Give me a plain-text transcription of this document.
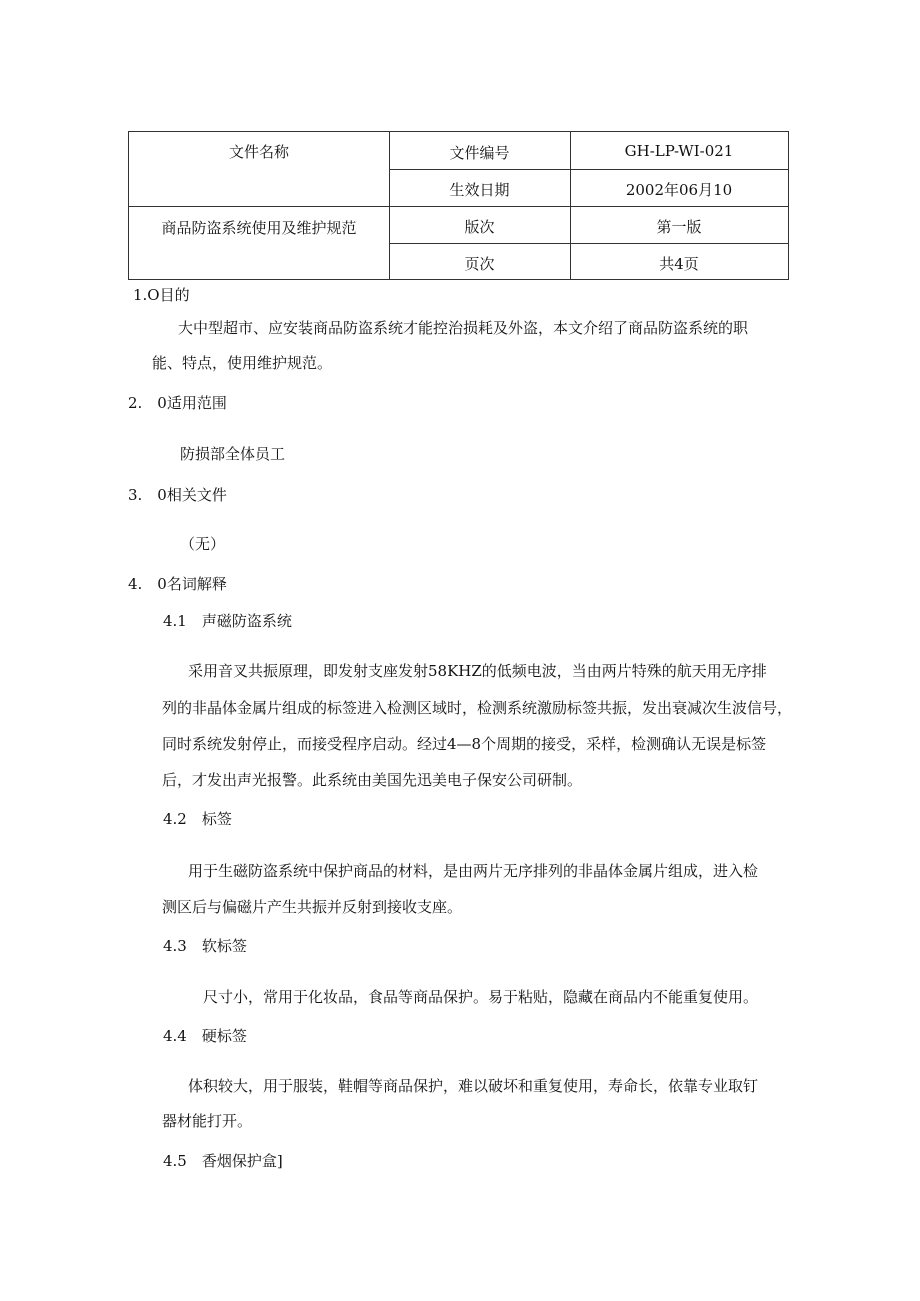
文件名称
商品防盗系统使用及维护规范
文件编号	GH-LP-WI-021
生效日期	2002年06月10
版次	第一版
页次	共4页
1.O目的
大中型超市、应安装商品防盗系统才能控治损耗及外盗，本文介绍了商品防盗系统的职
能、特点，使用维护规范。
2.　0适用范围
防损部全体员工
3.　0相关文件
（无）
4.　0名词解释
4.1　声磁防盗系统
采用音叉共振原理，即发射支座发射58KHZ的低频电波，当由两片特殊的航天用无序排
列的非晶体金属片组成的标签进入检测区域时，检测系统激励标签共振，发出衰减次生波信号，
同时系统发射停止，而接受程序启动。经过4—8个周期的接受，采样，检测确认无误是标签
后，才发出声光报警。此系统由美国先迅美电子保安公司研制。
4.2　标签
用于生磁防盗系统中保护商品的材料，是由两片无序排列的非晶体金属片组成，进入检
测区后与偏磁片产生共振并反射到接收支座。
4.3　软标签
尺寸小，常用于化妆品，食品等商品保护。易于粘贴，隐藏在商品内不能重复使用。
4.4　硬标签
体积较大，用于服装，鞋帽等商品保护，难以破坏和重复使用，寿命长，依靠专业取钉
器材能打开。
4.5　香烟保护盒]
